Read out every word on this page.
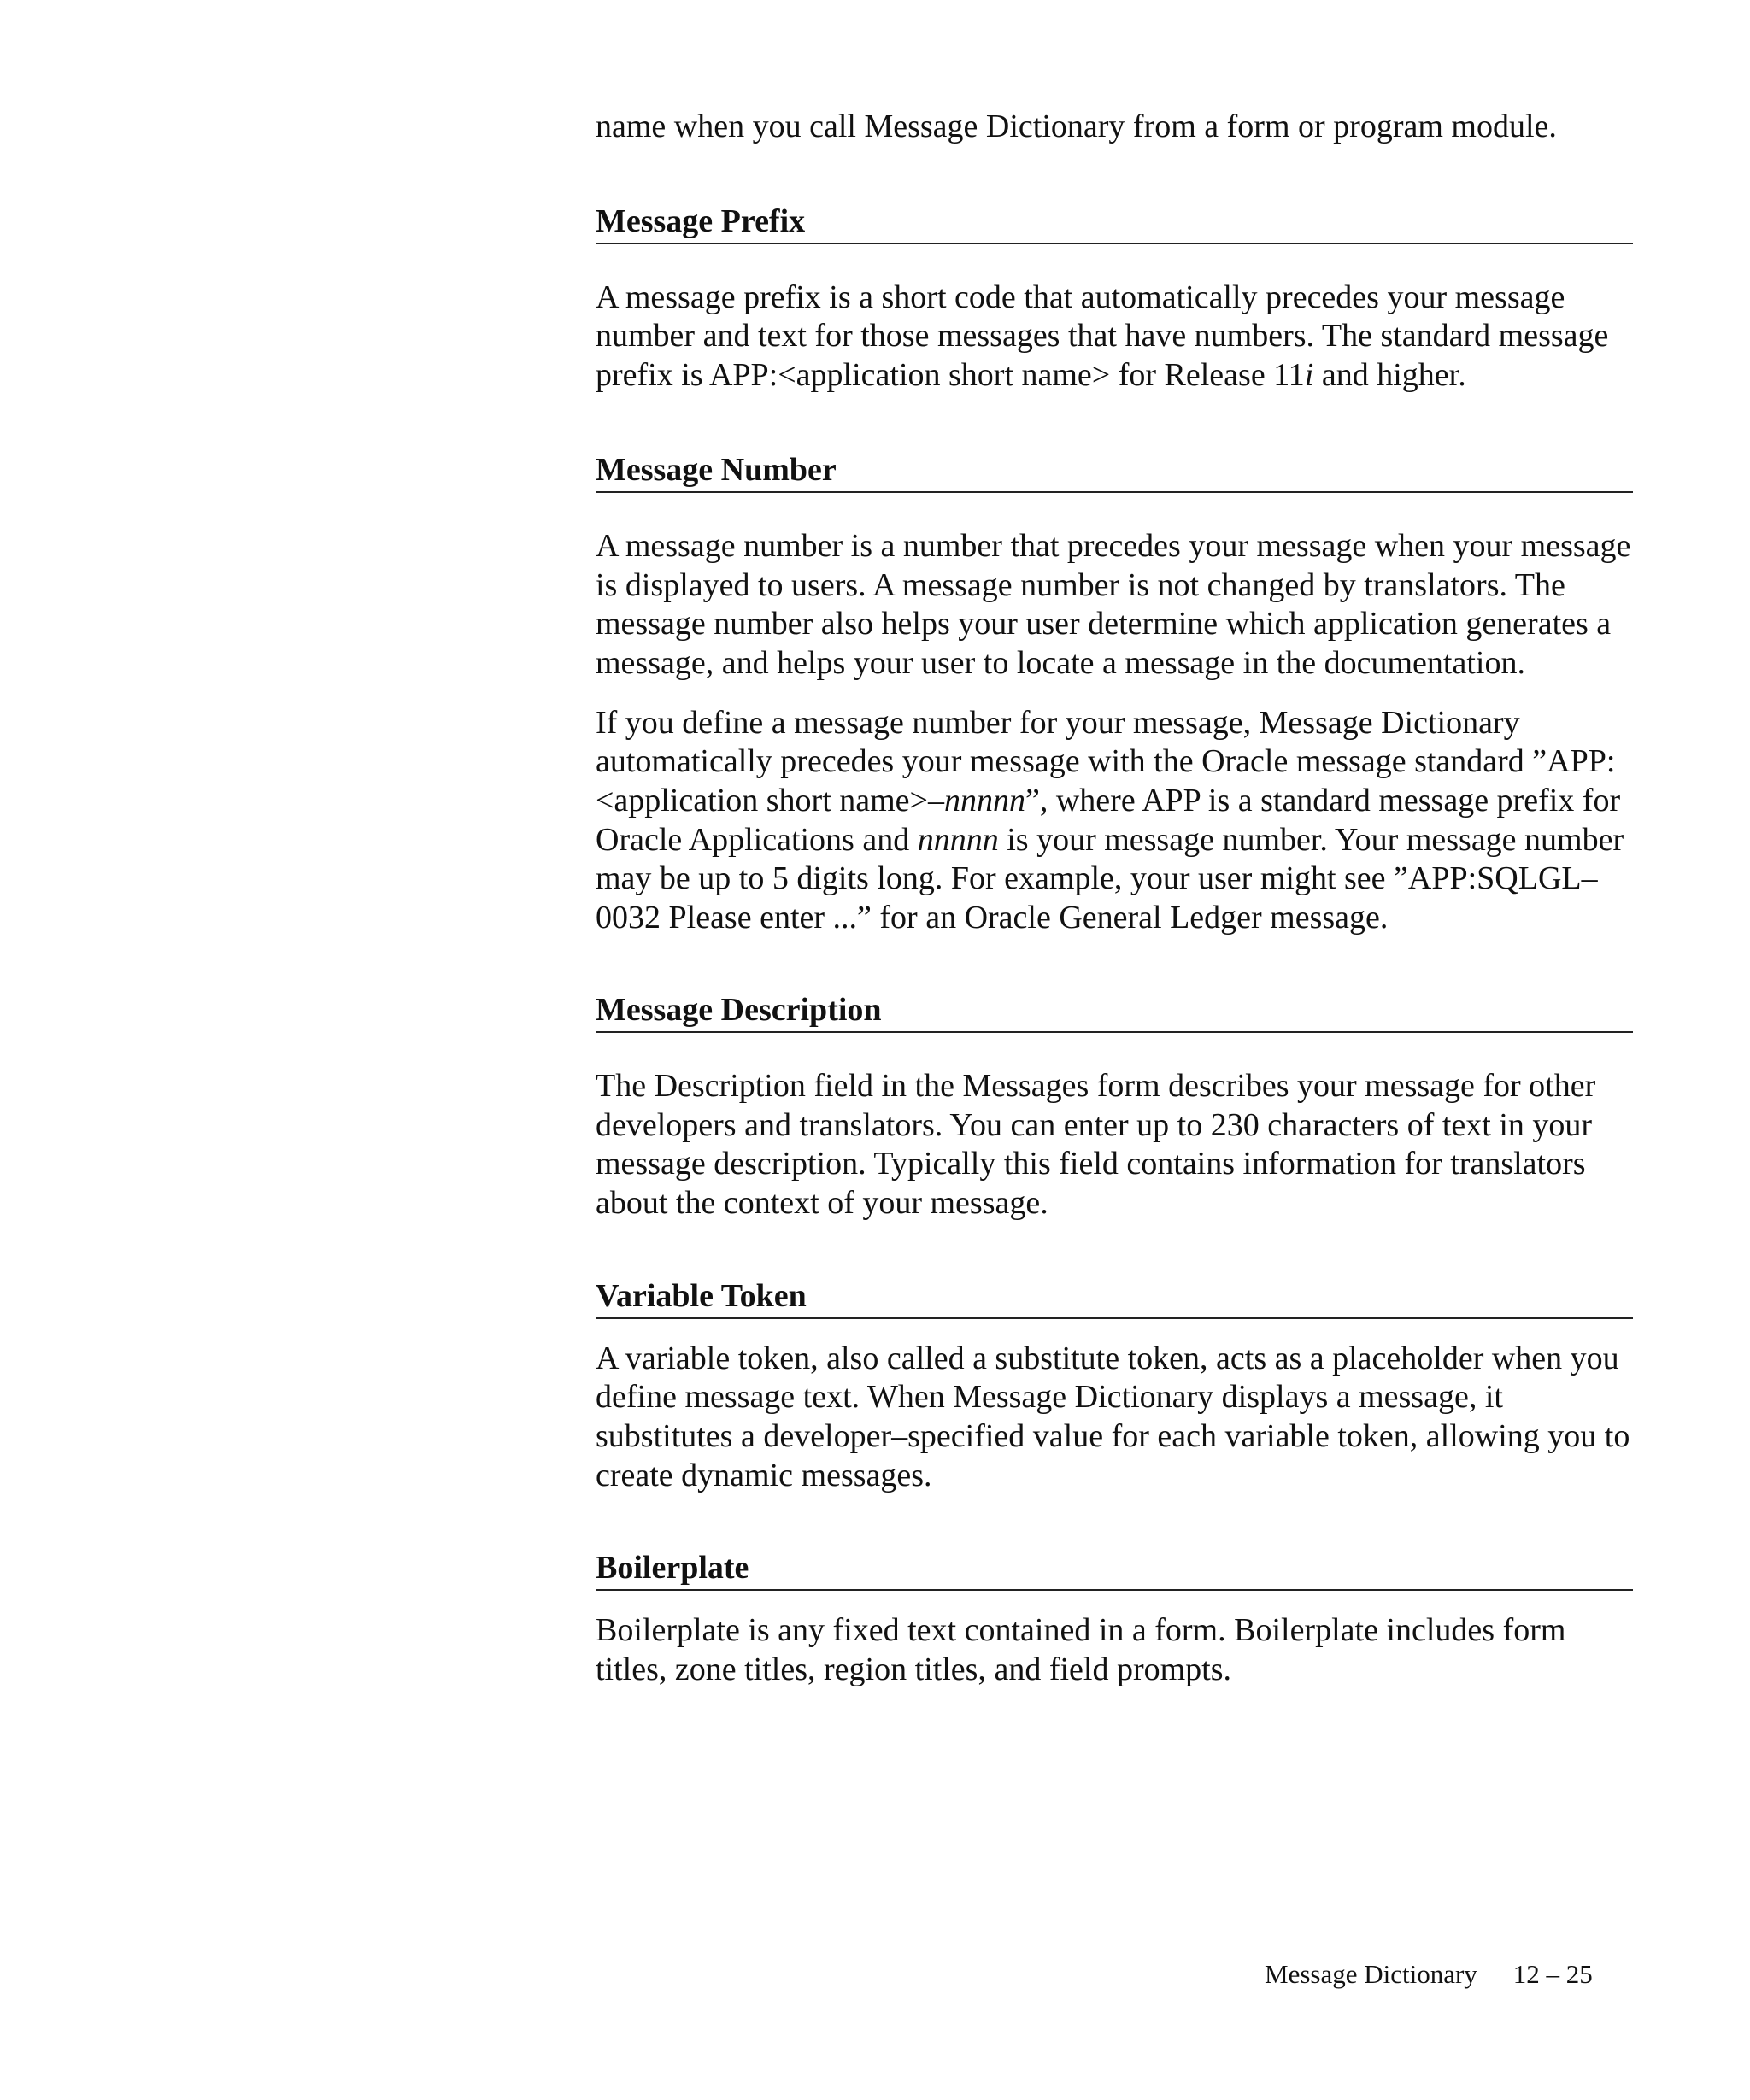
name when you call Message Dictionary from a form or program module.

Message Prefix

A message prefix is a short code that automatically precedes your message number and text for those messages that have numbers. The standard message prefix is APP:<application short name> for Release 11i and higher.

Message Number

A message number is a number that precedes your message when your message is displayed to users. A message number is not changed by translators. The message number also helps your user determine which application generates a message, and helps your user to locate a message in the documentation.

If you define a message number for your message, Message Dictionary automatically precedes your message with the Oracle message standard ”APP:<application short name>–nnnnn”, where APP is a standard message prefix for Oracle Applications and nnnnn is your message number. Your message number may be up to 5 digits long. For example, your user might see ”APP:SQLGL–0032 Please enter ...” for an Oracle General Ledger message.

Message Description

The Description field in the Messages form describes your message for other developers and translators. You can enter up to 230 characters of text in your message description. Typically this field contains information for translators about the context of your message.

Variable Token

A variable token, also called a substitute token, acts as a placeholder when you define message text. When Message Dictionary displays a message, it substitutes a developer–specified value for each variable token, allowing you to create dynamic messages.

Boilerplate

Boilerplate is any fixed text contained in a form. Boilerplate includes form titles, zone titles, region titles, and field prompts.

Message Dictionary 12 – 25
